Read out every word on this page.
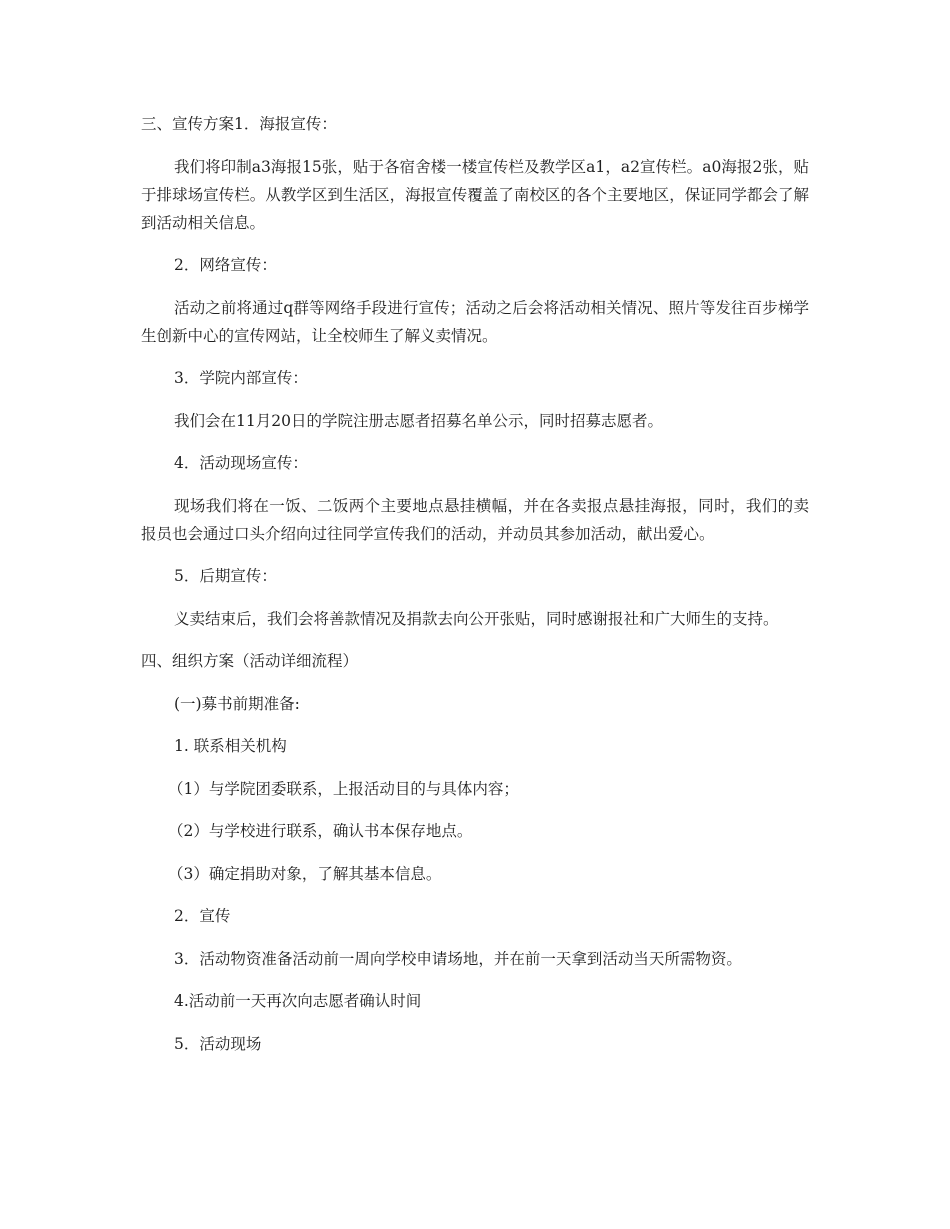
三、宣传方案1．海报宣传：

我们将印制a3海报15张，贴于各宿舍楼一楼宣传栏及教学区a1，a2宣传栏。a0海报2张，贴于排球场宣传栏。从教学区到生活区，海报宣传覆盖了南校区的各个主要地区，保证同学都会了解到活动相关信息。

2．网络宣传：

活动之前将通过q群等网络手段进行宣传；活动之后会将活动相关情况、照片等发往百步梯学生创新中心的宣传网站，让全校师生了解义卖情况。

3．学院内部宣传：

我们会在11月20日的学院注册志愿者招募名单公示，同时招募志愿者。

4．活动现场宣传：

现场我们将在一饭、二饭两个主要地点悬挂横幅，并在各卖报点悬挂海报，同时，我们的卖报员也会通过口头介绍向过往同学宣传我们的活动，并动员其参加活动，献出爱心。

5．后期宣传：

义卖结束后，我们会将善款情况及捐款去向公开张贴，同时感谢报社和广大师生的支持。

四、组织方案（活动详细流程）

(一)募书前期准备:

1. 联系相关机构

（1）与学院团委联系，上报活动目的与具体内容；

（2）与学校进行联系，确认书本保存地点。

（3）确定捐助对象，了解其基本信息。

2．宣传

3．活动物资准备活动前一周向学校申请场地，并在前一天拿到活动当天所需物资。

4.活动前一天再次向志愿者确认时间

5．活动现场
